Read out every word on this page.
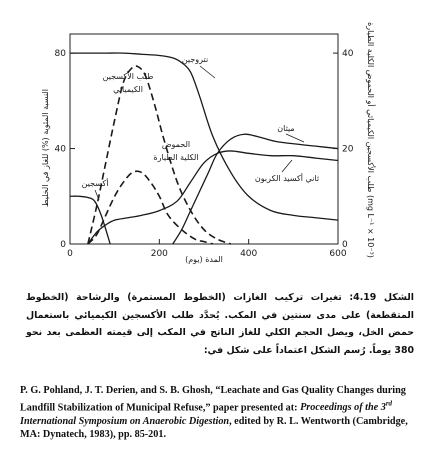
0
40
80
0
20
40
0	200	400	600
النسبة المئوية (%) للغاز في الخليط	طلب الأكسجين الكيميائي أو الحموض الكلية الطيارة (mg L⁻¹ × 10⁻³)
المدة (يوم)
نتروجين
طلب الأكسجين
الكيميائي
الحموض
الكلية الطيارة
أكسجين
ميثان
ثاني أكسيد الكربون
الشكل 4.19: تغيرات تركيب الغازات (الخطوط المستمرة) والرشاحة (الخطوط المتقطعة) على مدى سنتين في المكب. يُحدَّد طلب الأكسجين الكيميائي باستعمال حمض الخل، ويصل الحجم الكلي للغاز الناتج في المكب إلى قيمته العظمى بعد نحو 380 يوماً. رُسم الشكل اعتماداً على شكل في:
P. G. Pohland, J. T. Derien, and S. B. Ghosh, “Leachate and Gas Quality Changes during Landfill Stabilization of Municipal Refuse,” paper presented at: Proceedings of the 3rd International Symposium on Anaerobic Digestion, edited by R. L. Wentworth (Cambridge, MA: Dynatech, 1983), pp. 85-201.
